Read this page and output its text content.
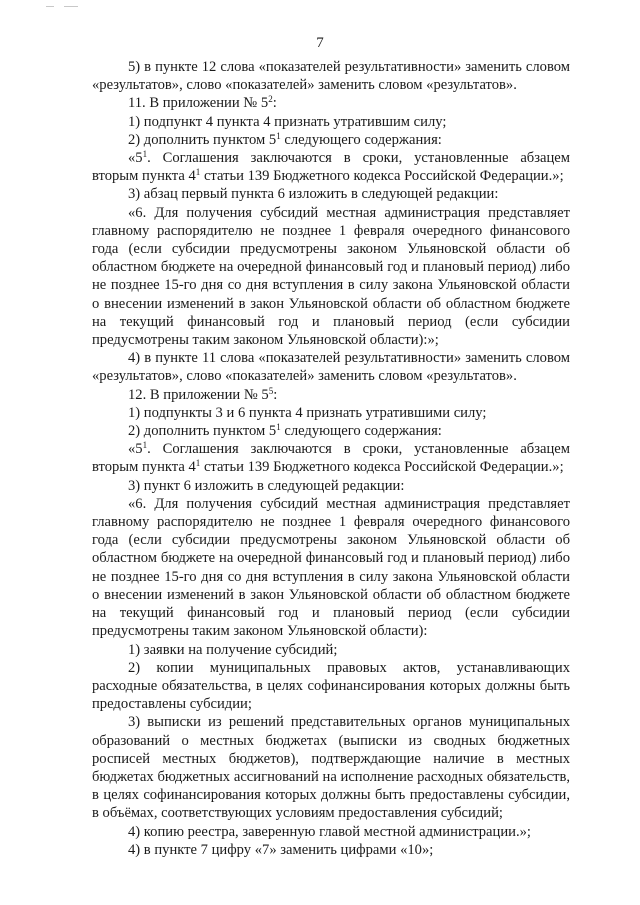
7

5) в пункте 12 слова «показателей результативности» заменить словом «результатов», слово «показателей» заменить словом «результатов».

11. В приложении № $5^2$:

1) подпункт 4 пункта 4 признать утратившим силу;

2) дополнить пунктом $5^1$ следующего содержания:

«$5^1$. Соглашения заключаются в сроки, установленные абзацем вторым пункта $4^1$ статьи 139 Бюджетного кодекса Российской Федерации.»;

3) абзац первый пункта 6 изложить в следующей редакции:

«6. Для получения субсидий местная администрация представляет главному распорядителю не позднее 1 февраля очередного финансового года (если субсидии предусмотрены законом Ульяновской области об областном бюджете на очередной финансовый год и плановый период) либо не позднее 15-го дня со дня вступления в силу закона Ульяновской области о внесении изменений в закон Ульяновской области об областном бюджете на текущий финансовый год и плановый период (если субсидии предусмотрены таким законом Ульяновской области):»;

4) в пункте 11 слова «показателей результативности» заменить словом «результатов», слово «показателей» заменить словом «результатов».

12. В приложении № $5^5$:

1) подпункты 3 и 6 пункта 4 признать утратившими силу;

2) дополнить пунктом $5^1$ следующего содержания:

«$5^1$. Соглашения заключаются в сроки, установленные абзацем вторым пункта $4^1$ статьи 139 Бюджетного кодекса Российской Федерации.»;

3) пункт 6 изложить в следующей редакции:

«6. Для получения субсидий местная администрация представляет главному распорядителю не позднее 1 февраля очередного финансового года (если субсидии предусмотрены законом Ульяновской области об областном бюджете на очередной финансовый год и плановый период) либо не позднее 15-го дня со дня вступления в силу закона Ульяновской области о внесении изменений в закон Ульяновской области об областном бюджете на текущий финансовый год и плановый период (если субсидии предусмотрены таким законом Ульяновской области):

1) заявки на получение субсидий;

2) копии муниципальных правовых актов, устанавливающих расходные обязательства, в целях софинансирования которых должны быть предоставлены субсидии;

3) выписки из решений представительных органов муниципальных образований о местных бюджетах (выписки из сводных бюджетных росписей местных бюджетов), подтверждающие наличие в местных бюджетах бюджетных ассигнований на исполнение расходных обязательств, в целях софинансирования которых должны быть предоставлены субсидии, в объёмах, соответствующих условиям предоставления субсидий;

4) копию реестра, заверенную главой местной администрации.»;

4) в пункте 7 цифру «7» заменить цифрами «10»;
